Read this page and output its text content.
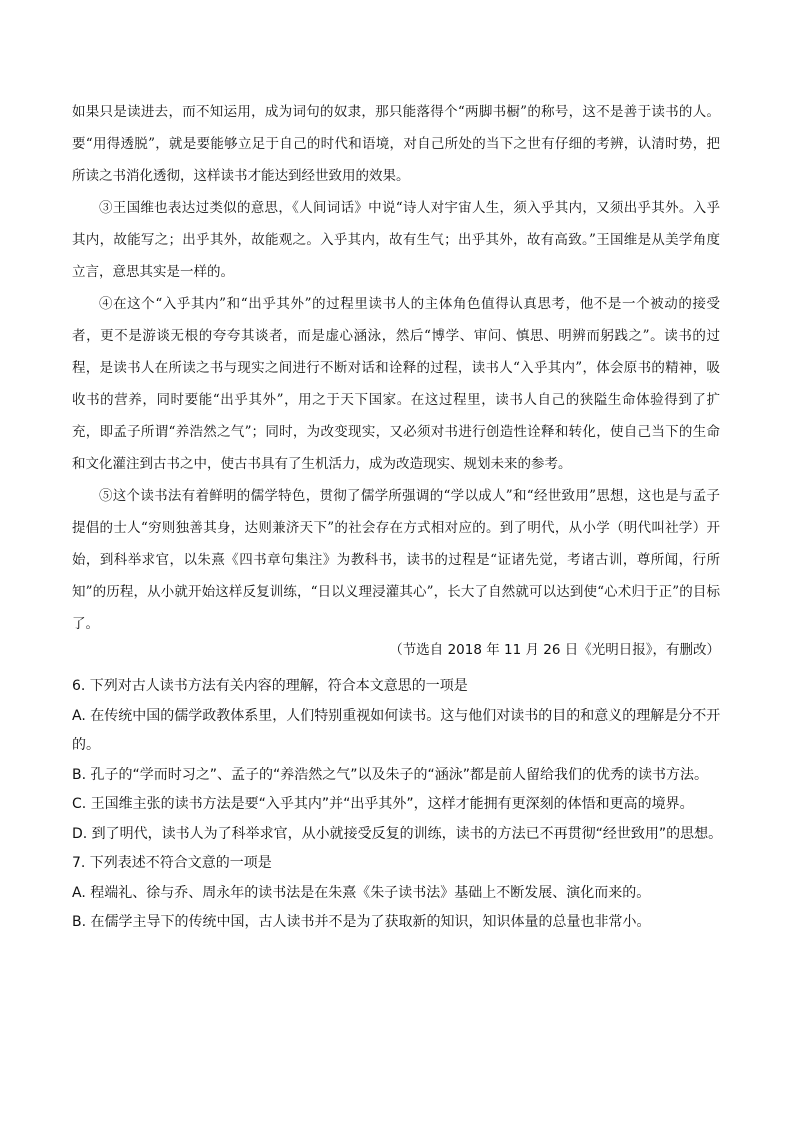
如果只是读进去，而不知运用，成为词句的奴隶，那只能落得个“两脚书橱”的称号，这不是善于读书的人。要“用得透脱”，就是要能够立足于自己的时代和语境，对自己所处的当下之世有仔细的考辨，认清时势，把所读之书消化透彻，这样读书才能达到经世致用的效果。

③王国维也表达过类似的意思，《人间词话》中说“诗人对宇宙人生，须入乎其内，又须出乎其外。入乎其内，故能写之；出乎其外，故能观之。入乎其内，故有生气；出乎其外，故有高致。”王国维是从美学角度立言，意思其实是一样的。

④在这个“入乎其内”和“出乎其外”的过程里读书人的主体角色值得认真思考，他不是一个被动的接受者，更不是游谈无根的夸夸其谈者，而是虚心涵泳，然后“博学、审问、慎思、明辨而躬践之”。读书的过程，是读书人在所读之书与现实之间进行不断对话和诠释的过程，读书人“入乎其内”，体会原书的精神，吸收书的营养，同时要能“出乎其外”，用之于天下国家。在这过程里，读书人自己的狭隘生命体验得到了扩充，即孟子所谓“养浩然之气”；同时，为改变现实，又必须对书进行创造性诠释和转化，使自己当下的生命和文化灌注到古书之中，使古书具有了生机活力，成为改造现实、规划未来的参考。

⑤这个读书法有着鲜明的儒学特色，贯彻了儒学所强调的“学以成人”和“经世致用”思想，这也是与孟子提倡的士人“穷则独善其身，达则兼济天下”的社会存在方式相对应的。到了明代，从小学（明代叫社学）开始，到科举求官，以朱熹《四书章句集注》为教科书，读书的过程是“证诸先觉，考诸古训，尊所闻，行所知”的历程，从小就开始这样反复训练，“日以义理浸灌其心”，长大了自然就可以达到使“心术归于正”的目标了。

（节选自 2018 年 11 月 26 日《光明日报》，有删改）

6. 下列对古人读书方法有关内容的理解，符合本文意思的一项是

A. 在传统中国的儒学政教体系里，人们特别重视如何读书。这与他们对读书的目的和意义的理解是分不开的。

B. 孔子的“学而时习之”、孟子的“养浩然之气”以及朱子的“涵泳”都是前人留给我们的优秀的读书方法。

C. 王国维主张的读书方法是要“入乎其内”并“出乎其外”，这样才能拥有更深刻的体悟和更高的境界。

D. 到了明代，读书人为了科举求官，从小就接受反复的训练，读书的方法已不再贯彻“经世致用”的思想。

7. 下列表述不符合文意的一项是

A. 程端礼、徐与乔、周永年的读书法是在朱熹《朱子读书法》基础上不断发展、演化而来的。

B. 在儒学主导下的传统中国，古人读书并不是为了获取新的知识，知识体量的总量也非常小。
